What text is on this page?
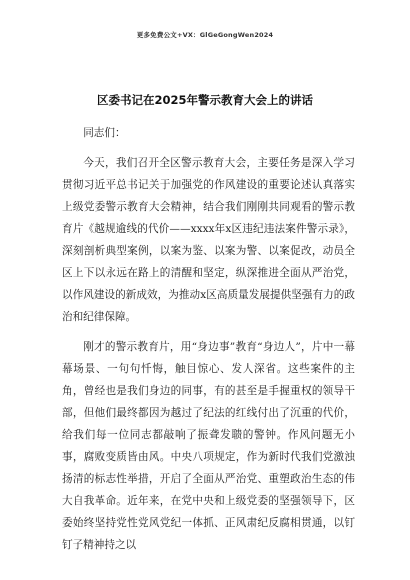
更多免费公文+VX：GlGeGongWen2024
区委书记在2025年警示教育大会上的讲话

同志们：

今天，我们召开全区警示教育大会，主要任务是深入学习贯彻习近平总书记关于加强党的作风建设的重要论述认真落实上级党委警示教育大会精神，结合我们刚刚共同观看的警示教育片《越规逾线的代价——xxxx年x区违纪违法案件警示录》，深刻剖析典型案例，以案为鉴、以案为警、以案促改，动员全区上下以永远在路上的清醒和坚定，纵深推进全面从严治党，以作风建设的新成效，为推动x区高质量发展提供坚强有力的政治和纪律保障。

刚才的警示教育片，用“身边事”教育“身边人”，片中一幕幕场景、一句句忏悔，触目惊心、发人深省。这些案件的主角，曾经也是我们身边的同事，有的甚至是手握重权的领导干部，但他们最终都因为越过了纪法的红线付出了沉重的代价，给我们每一位同志都敲响了振聋发聩的警钟。作风问题无小事，腐败变质皆由风。中央八项规定，作为新时代我们党激浊扬清的标志性举措，开启了全面从严治党、重塑政治生态的伟大自我革命。近年来，在党中央和上级党委的坚强领导下，区委始终坚持党性党风党纪一体抓、正风肃纪反腐相贯通，以钉钉子精神持之以
